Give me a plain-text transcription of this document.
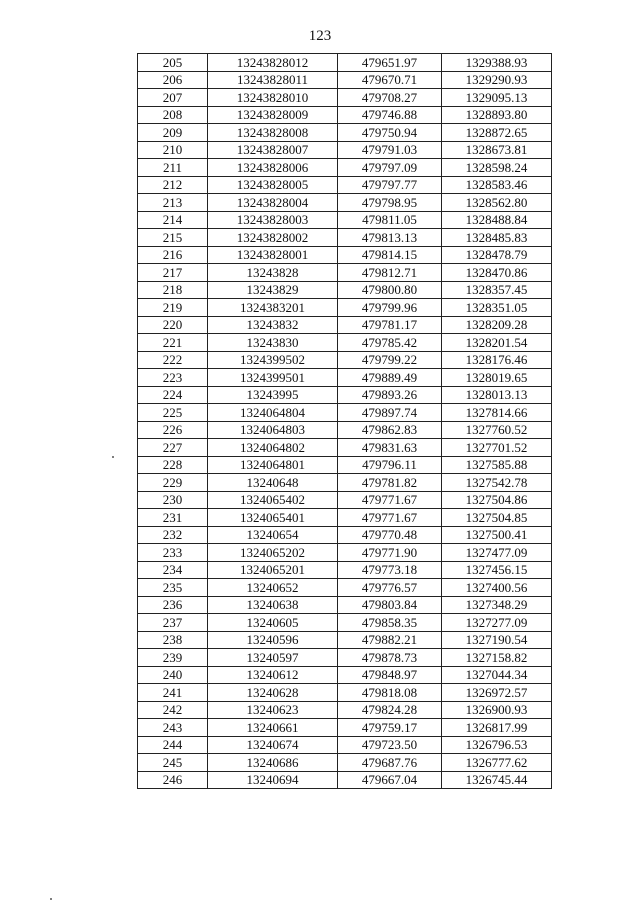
123
205	13243828012	479651.97	1329388.93
206	13243828011	479670.71	1329290.93
207	13243828010	479708.27	1329095.13
208	13243828009	479746.88	1328893.80
209	13243828008	479750.94	1328872.65
210	13243828007	479791.03	1328673.81
211	13243828006	479797.09	1328598.24
212	13243828005	479797.77	1328583.46
213	13243828004	479798.95	1328562.80
214	13243828003	479811.05	1328488.84
215	13243828002	479813.13	1328485.83
216	13243828001	479814.15	1328478.79
217	13243828	479812.71	1328470.86
218	13243829	479800.80	1328357.45
219	1324383201	479799.96	1328351.05
220	13243832	479781.17	1328209.28
221	13243830	479785.42	1328201.54
222	1324399502	479799.22	1328176.46
223	1324399501	479889.49	1328019.65
224	13243995	479893.26	1328013.13
225	1324064804	479897.74	1327814.66
226	1324064803	479862.83	1327760.52
227	1324064802	479831.63	1327701.52
228	1324064801	479796.11	1327585.88
229	13240648	479781.82	1327542.78
230	1324065402	479771.67	1327504.86
231	1324065401	479771.67	1327504.85
232	13240654	479770.48	1327500.41
233	1324065202	479771.90	1327477.09
234	1324065201	479773.18	1327456.15
235	13240652	479776.57	1327400.56
236	13240638	479803.84	1327348.29
237	13240605	479858.35	1327277.09
238	13240596	479882.21	1327190.54
239	13240597	479878.73	1327158.82
240	13240612	479848.97	1327044.34
241	13240628	479818.08	1326972.57
242	13240623	479824.28	1326900.93
243	13240661	479759.17	1326817.99
244	13240674	479723.50	1326796.53
245	13240686	479687.76	1326777.62
246	13240694	479667.04	1326745.44
